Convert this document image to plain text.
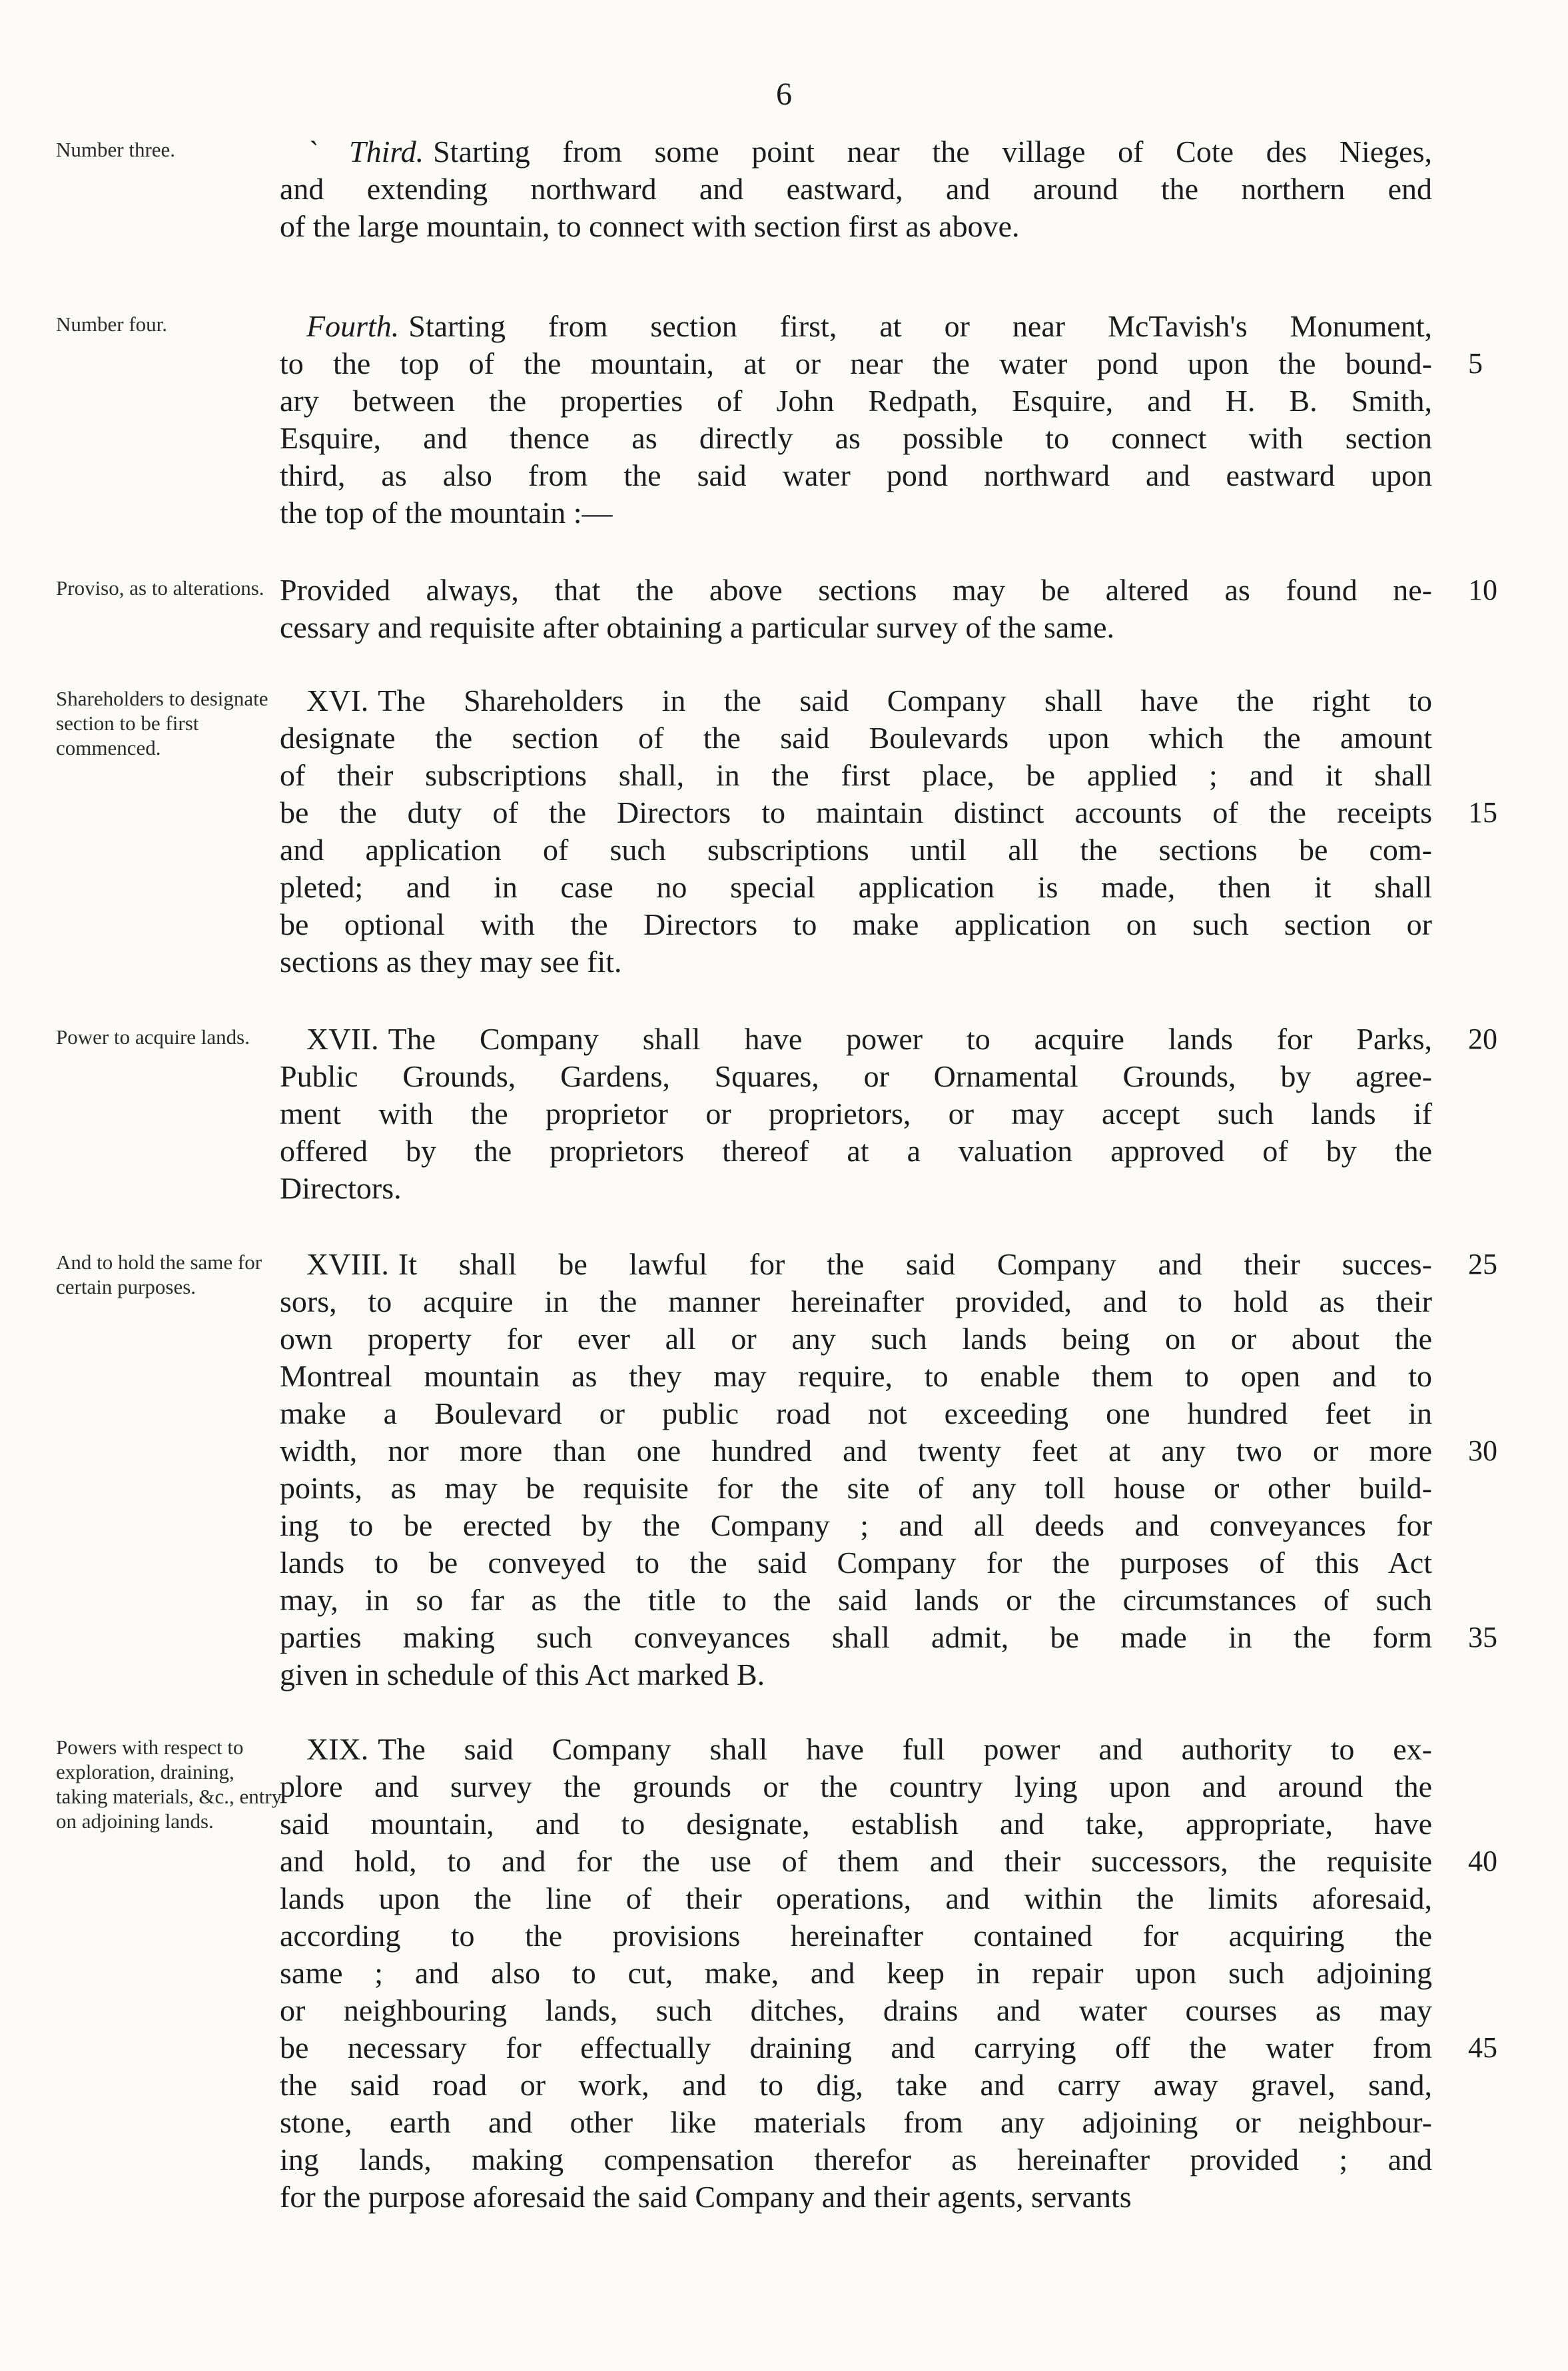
6
Number three.	` Third. Starting from some point near the village of Cote des Nieges,
and extending northward and eastward, and around the northern end
of the large mountain, to connect with section first as above.
Number four.	Fourth. Starting from section first, at or near McTavish's Monument,
to the top of the mountain, at or near the water pond upon the bound- 5
ary between the properties of John Redpath, Esquire, and H. B. Smith,
Esquire, and thence as directly as possible to connect with section
third, as also from the said water pond northward and eastward upon
the top of the mountain :—
Proviso, as to alterations. Provided always, that the above sections may be altered as found ne- 10
cessary and requisite after obtaining a particular survey of the same.
Shareholders to designate section to be first commenced.
XVI. The Shareholders in the said Company shall have the right to
designate the section of the said Boulevards upon which the amount
of their subscriptions shall, in the first place, be applied ; and it shall
be the duty of the Directors to maintain distinct accounts of the receipts 15
and application of such subscriptions until all the sections be com-
pleted; and in case no special application is made, then it shall
be optional with the Directors to make application on such section or
sections as they may see fit.
Power to acquire lands.	XVII. The Company shall have power to acquire lands for Parks, 20
Public Grounds, Gardens, Squares, or Ornamental Grounds, by agree-
ment with the proprietor or proprietors, or may accept such lands if
offered by the proprietors thereof at a valuation approved of by the
Directors.
And to hold the same for certain purposes.
XVIII. It shall be lawful for the said Company and their succes- 25
sors, to acquire in the manner hereinafter provided, and to hold as their
own property for ever all or any such lands being on or about the
Montreal mountain as they may require, to enable them to open and to
make a Boulevard or public road not exceeding one hundred feet in
width, nor more than one hundred and twenty feet at any two or more 30
points, as may be requisite for the site of any toll house or other build-
ing to be erected by the Company ; and all deeds and conveyances for
lands to be conveyed to the said Company for the purposes of this Act
may, in so far as the title to the said lands or the circumstances of such
parties making such conveyances shall admit, be made in the form 35
given in schedule of this Act marked B.
Powers with respect to exploration, draining, taking materials, &c., entry on adjoining lands.
XIX. The said Company shall have full power and authority to ex-
plore and survey the grounds or the country lying upon and around the
said mountain, and to designate, establish and take, appropriate, have
and hold, to and for the use of them and their successors, the requisite 40
lands upon the line of their operations, and within the limits aforesaid,
according to the provisions hereinafter contained for acquiring the
same ; and also to cut, make, and keep in repair upon such adjoining
or neighbouring lands, such ditches, drains and water courses as may
be necessary for effectually draining and carrying off the water from 45
the said road or work, and to dig, take and carry away gravel, sand,
stone, earth and other like materials from any adjoining or neighbour-
ing lands, making compensation therefor as hereinafter provided ; and
for the purpose aforesaid the said Company and their agents, servants
